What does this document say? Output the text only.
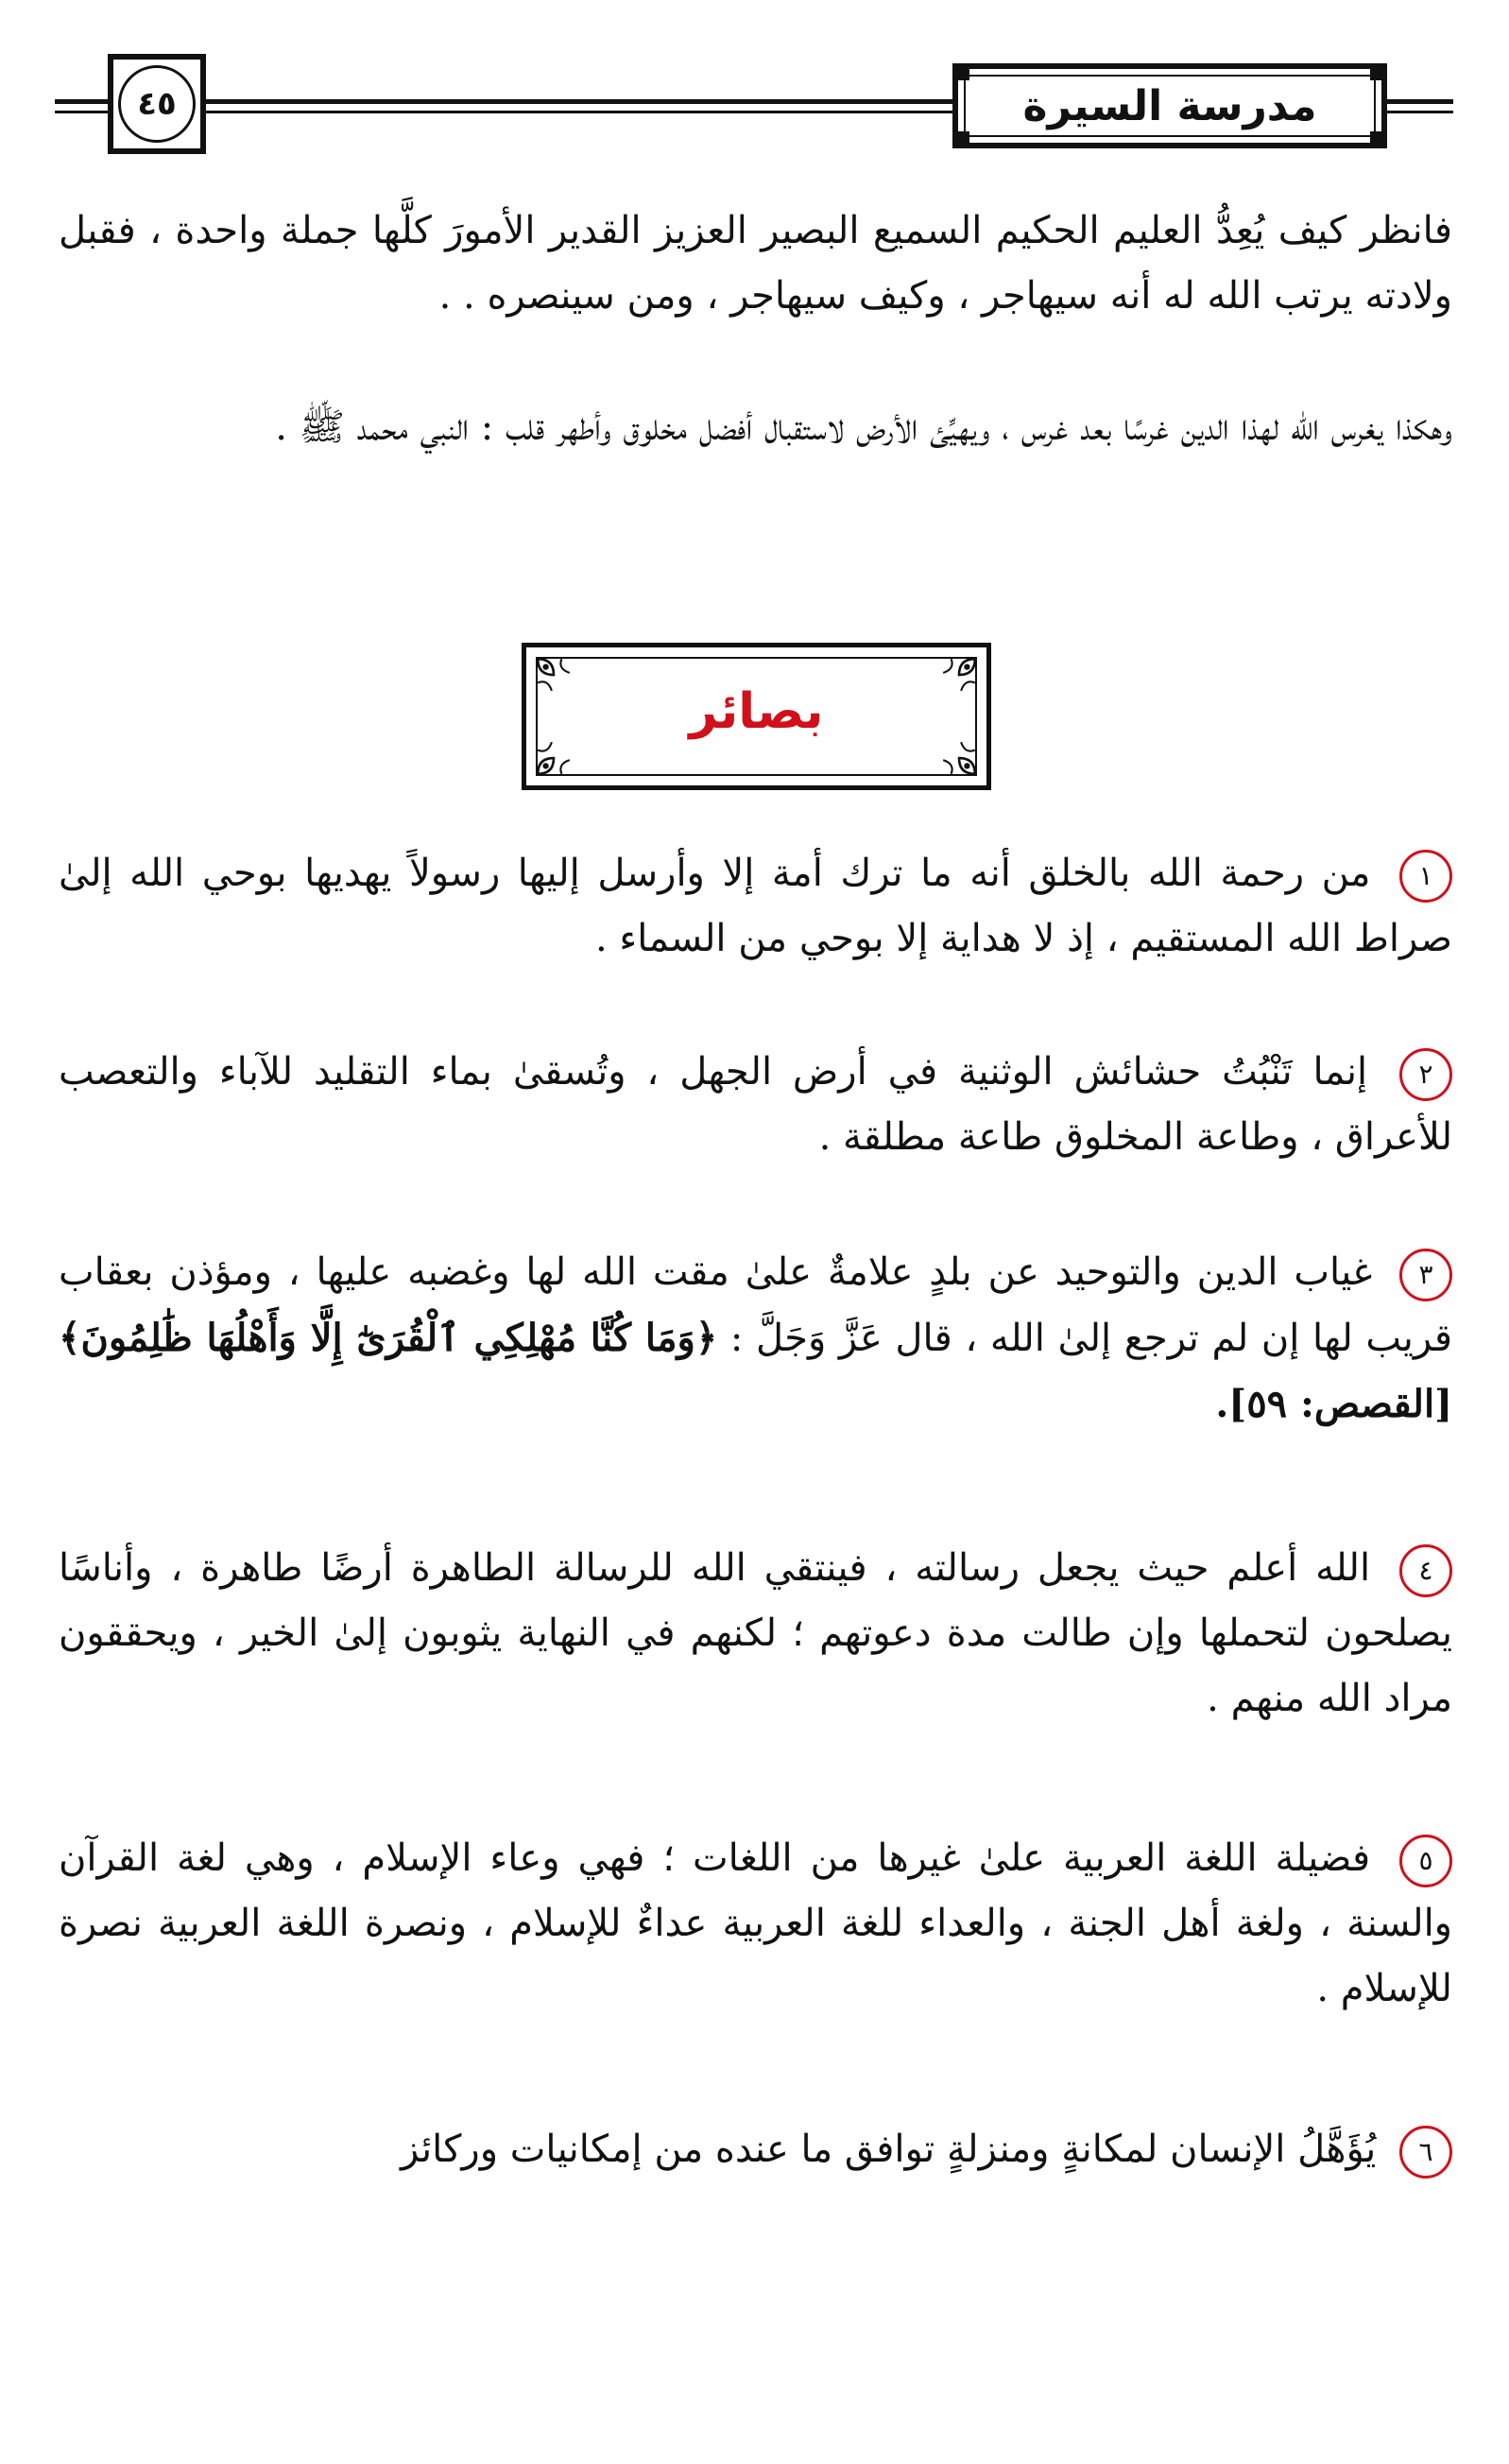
٤٥	مدرسة السيرة

فانظر كيف يُعِدُّ العليم الحكيم السميع البصير العزيز القدير الأمورَ كلَّها جملة واحدة ، فقبل ولادته يرتب الله له أنه سيهاجر ، وكيف سيهاجر ، ومن سينصره . .

وهكذا يغرس الله لهذا الدين غرسًا بعد غرس ، ويهيِّئ الأرض لاستقبال أفضل مخلوق وأطهر قلب : النبي محمد ﷺ .

بصائر

١ من رحمة الله بالخلق أنه ما ترك أمة إلا وأرسل إليها رسولاً يهديها بوحي الله إلىٰ صراط الله المستقيم ، إذ لا هداية إلا بوحي من السماء .

٢ إنما تَنْبُتُ حشائش الوثنية في أرض الجهل ، وتُسقىٰ بماء التقليد للآباء والتعصب للأعراق ، وطاعة المخلوق طاعة مطلقة .

٣ غياب الدين والتوحيد عن بلدٍ علامةٌ علىٰ مقت الله لها وغضبه عليها ، ومؤذن بعقاب قريب لها إن لم ترجع إلىٰ الله ، قال عَزَّ وَجَلَّ : ﴿وَمَا كُنَّا مُهْلِكِي ٱلْقُرَىٰٓ إِلَّا وَأَهْلُهَا ظَٰلِمُونَ﴾ [القصص: ٥٩].

٤ الله أعلم حيث يجعل رسالته ، فينتقي الله للرسالة الطاهرة أرضًا طاهرة ، وأناسًا يصلحون لتحملها وإن طالت مدة دعوتهم ؛ لكنهم في النهاية يثوبون إلىٰ الخير ، ويحققون مراد الله منهم .

٥ فضيلة اللغة العربية علىٰ غيرها من اللغات ؛ فهي وعاء الإسلام ، وهي لغة القرآن والسنة ، ولغة أهل الجنة ، والعداء للغة العربية عداءٌ للإسلام ، ونصرة اللغة العربية نصرة للإسلام .

٦ يُؤَهَّلُ الإنسان لمكانةٍ ومنزلةٍ توافق ما عنده من إمكانيات وركائز
